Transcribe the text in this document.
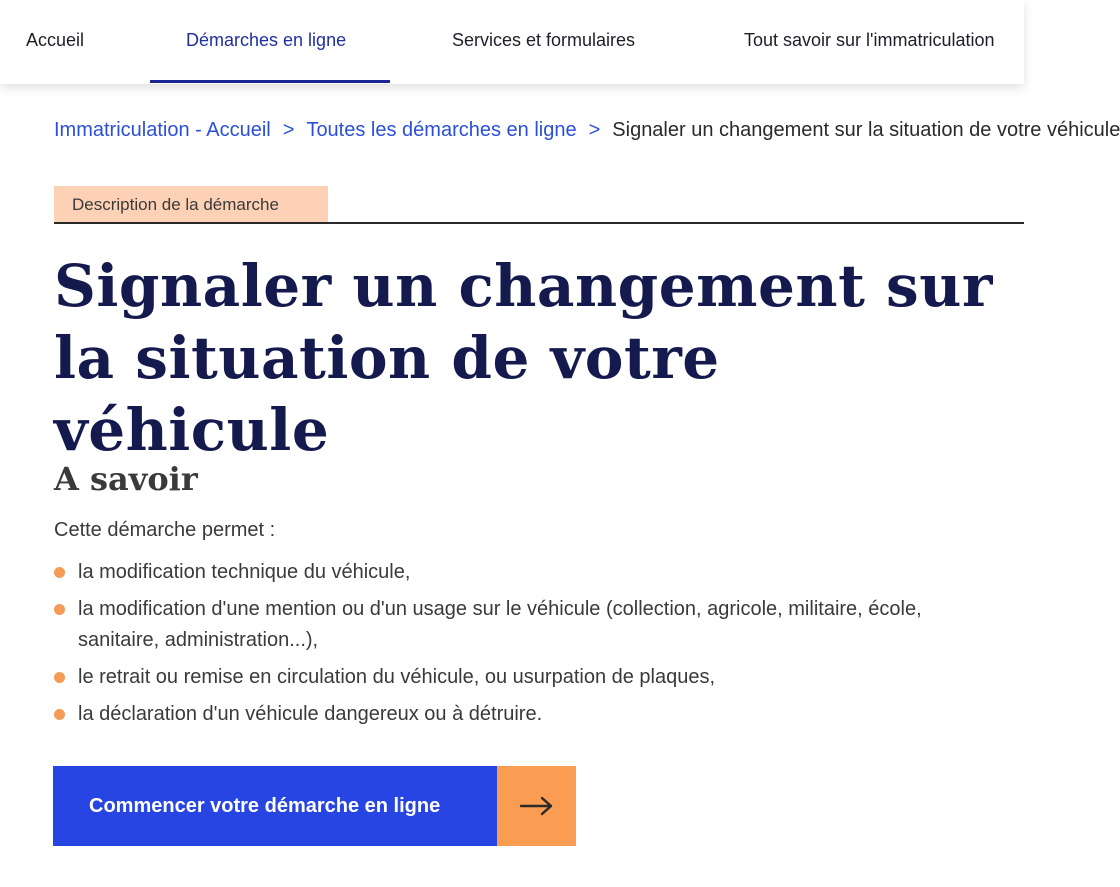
Accueil	Démarches en ligne	Services et formulaires	Tout savoir sur l'immatriculation
Immatriculation - Accueil > Toutes les démarches en ligne > Signaler un changement sur la situation de votre véhicule
Description de la démarche
Signaler un changement sur la situation de votre véhicule
A savoir

Cette démarche permet :

la modification technique du véhicule,
la modification d'une mention ou d'un usage sur le véhicule (collection, agricole, militaire, école, sanitaire, administration...),
le retrait ou remise en circulation du véhicule, ou usurpation de plaques,
la déclaration d'un véhicule dangereux ou à détruire.
Commencer votre démarche en ligne
